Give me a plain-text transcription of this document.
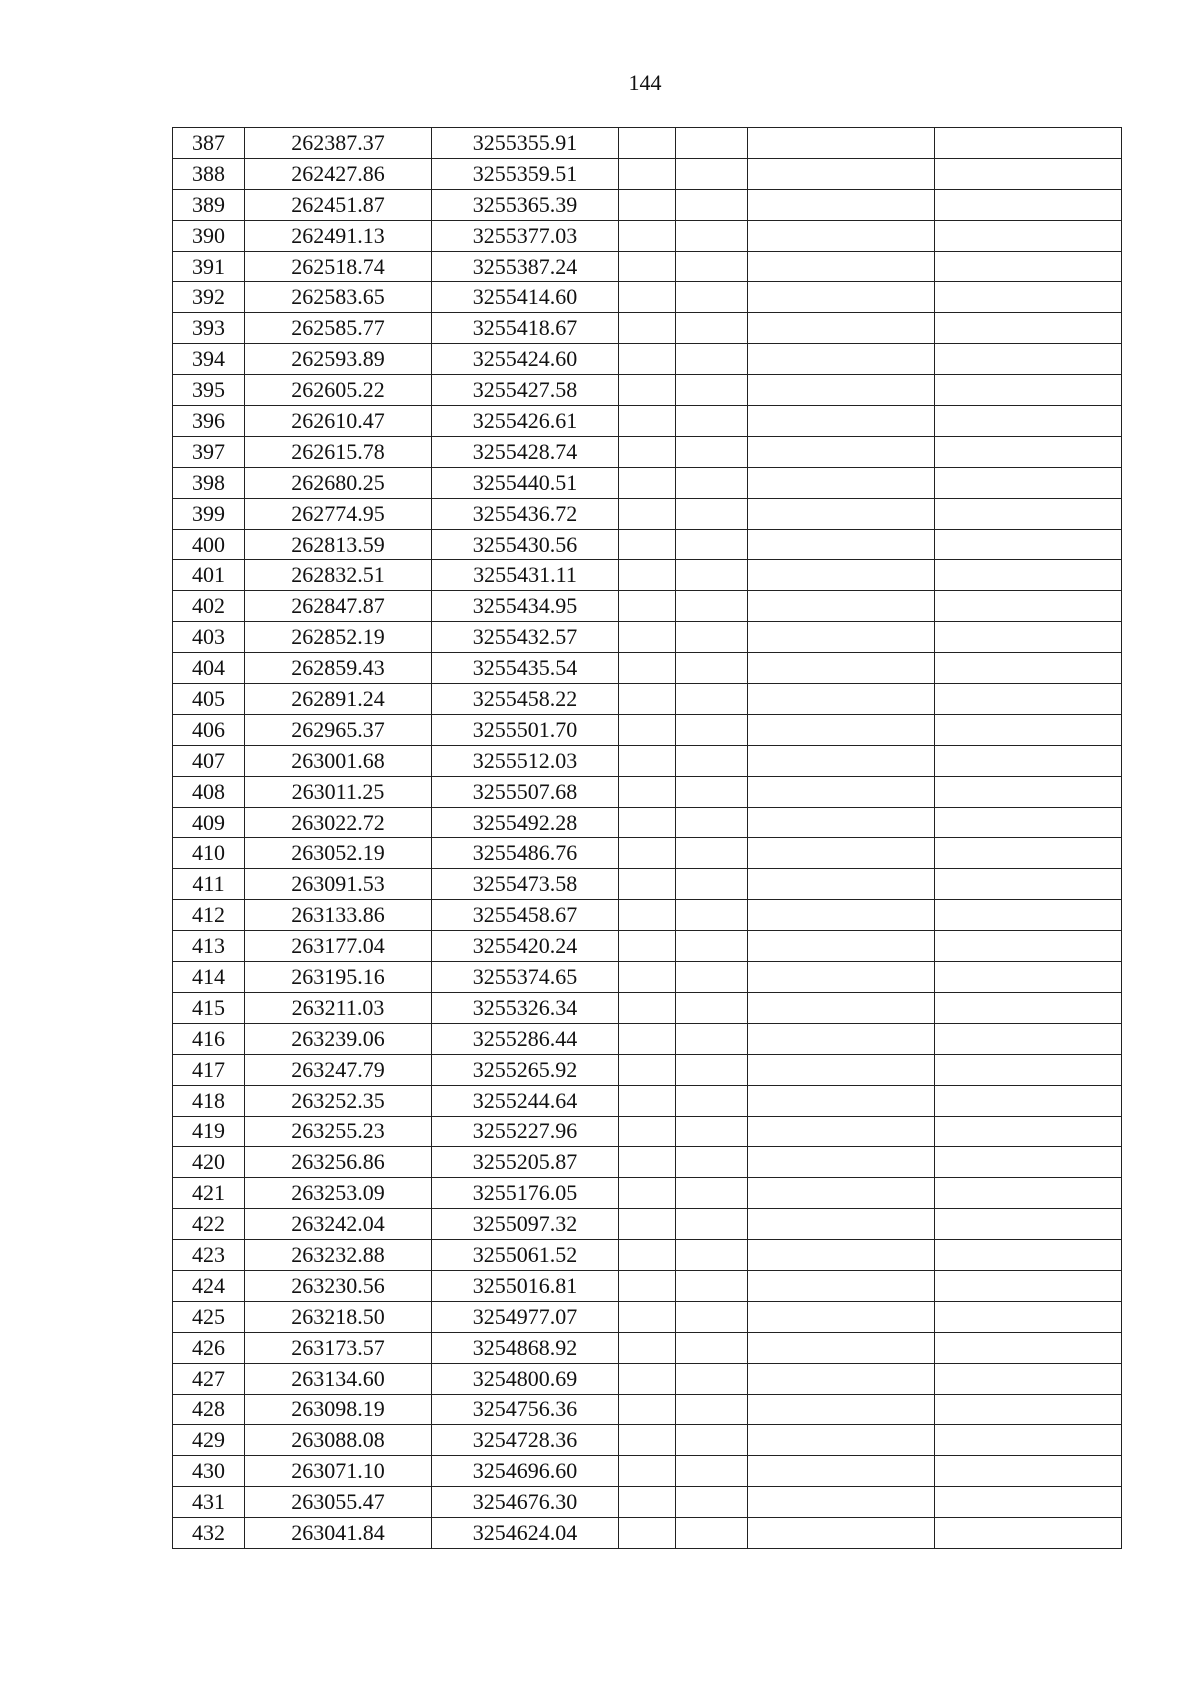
144
387	262387.37	3255355.91				
388	262427.86	3255359.51				
389	262451.87	3255365.39				
390	262491.13	3255377.03				
391	262518.74	3255387.24				
392	262583.65	3255414.60				
393	262585.77	3255418.67				
394	262593.89	3255424.60				
395	262605.22	3255427.58				
396	262610.47	3255426.61				
397	262615.78	3255428.74				
398	262680.25	3255440.51				
399	262774.95	3255436.72				
400	262813.59	3255430.56				
401	262832.51	3255431.11				
402	262847.87	3255434.95				
403	262852.19	3255432.57				
404	262859.43	3255435.54				
405	262891.24	3255458.22				
406	262965.37	3255501.70				
407	263001.68	3255512.03				
408	263011.25	3255507.68				
409	263022.72	3255492.28				
410	263052.19	3255486.76				
411	263091.53	3255473.58				
412	263133.86	3255458.67				
413	263177.04	3255420.24				
414	263195.16	3255374.65				
415	263211.03	3255326.34				
416	263239.06	3255286.44				
417	263247.79	3255265.92				
418	263252.35	3255244.64				
419	263255.23	3255227.96				
420	263256.86	3255205.87				
421	263253.09	3255176.05				
422	263242.04	3255097.32				
423	263232.88	3255061.52				
424	263230.56	3255016.81				
425	263218.50	3254977.07				
426	263173.57	3254868.92				
427	263134.60	3254800.69				
428	263098.19	3254756.36				
429	263088.08	3254728.36				
430	263071.10	3254696.60				
431	263055.47	3254676.30				
432	263041.84	3254624.04				
